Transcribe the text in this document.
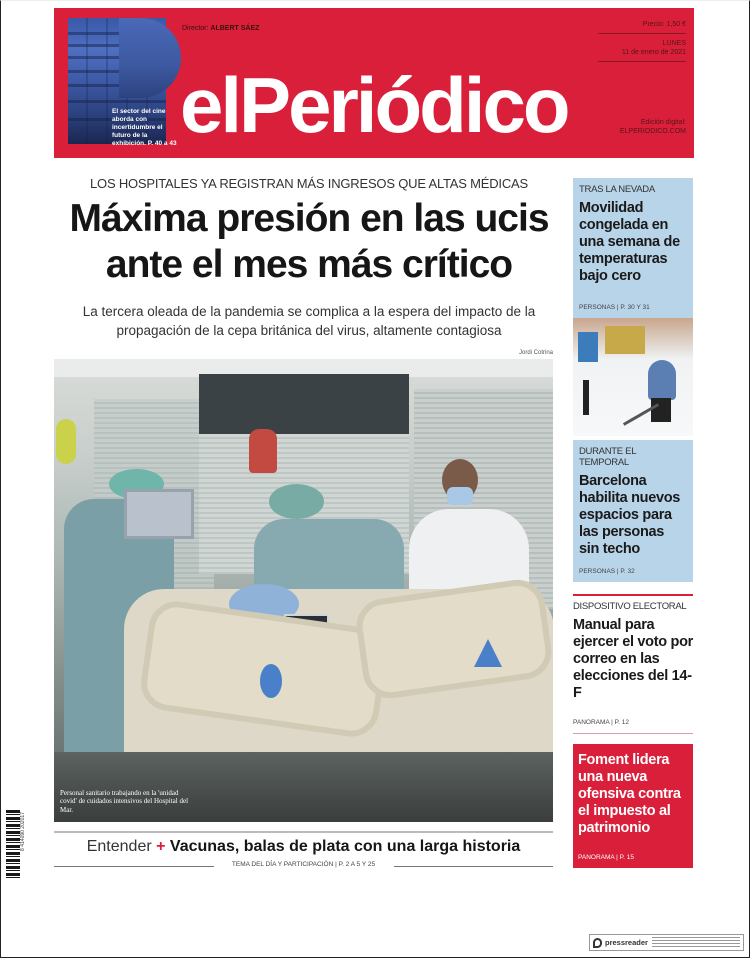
El sector del cine aborda con incertidumbre el futuro de la exhibición. P. 40 a 43
Director: ALBERT SÁEZ
elPeriódico
Precio: 1,50 €
LUNES
11 de enero de 2021
Edición digital:
ELPERIODICO.COM
LOS HOSPITALES YA REGISTRAN MÁS INGRESOS QUE ALTAS MÉDICAS
Máxima presión en las ucis
ante el mes más crítico
La tercera oleada de la pandemia se complica a la espera del impacto de la
propagación de la cepa británica del virus, altamente contagiosa
Jordi Cotrina
Personal sanitario trabajando en la 'unidad covid' de cuidados intensivos del Hospital del Mar.
Entender + Vacunas, balas de plata con una larga historia
TEMA DEL DÍA Y PARTICIPACIÓN | P. 2 A 5 Y 25
TRAS LA NEVADA
Movilidad congelada en una semana de temperaturas bajo cero
PERSONAS | P. 30 Y 31
DURANTE EL TEMPORAL
Barcelona habilita nuevos espacios para las personas sin techo
PERSONAS | P. 32
DISPOSITIVO ELECTORAL
Manual para ejercer el voto por correo en las elecciones del 14-F
PANORAMA | P. 12
Foment lidera una nueva ofensiva contra el impuesto al patrimonio
PANORAMA | P. 15
8 414090 202017
pressreader
